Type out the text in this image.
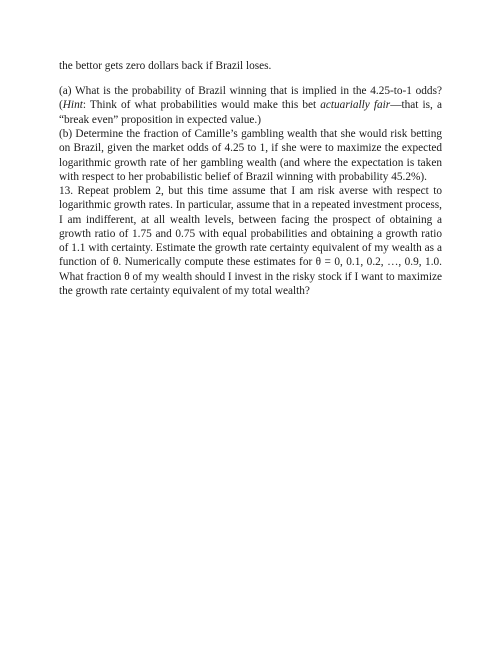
the bettor gets zero dollars back if Brazil loses.

(a) What is the probability of Brazil winning that is implied in the 4.25-to-1 odds? (Hint: Think of what probabilities would make this bet actuarially fair—that is, a “break even” proposition in expected value.)

(b) Determine the fraction of Camille’s gambling wealth that she would risk betting on Brazil, given the market odds of 4.25 to 1, if she were to maximize the expected logarithmic growth rate of her gambling wealth (and where the expectation is taken with respect to her probabilistic belief of Brazil winning with probability 45.2%).

13. Repeat problem 2, but this time assume that I am risk averse with respect to logarithmic growth rates. In particular, assume that in a repeated investment process, I am indifferent, at all wealth levels, between facing the prospect of obtaining a growth ratio of 1.75 and 0.75 with equal probabilities and obtaining a growth ratio of 1.1 with certainty. Estimate the growth rate certainty equivalent of my wealth as a function of θ. Numerically compute these estimates for θ = 0, 0.1, 0.2, …, 0.9, 1.0. What fraction θ of my wealth should I invest in the risky stock if I want to maximize the growth rate certainty equivalent of my total wealth?
